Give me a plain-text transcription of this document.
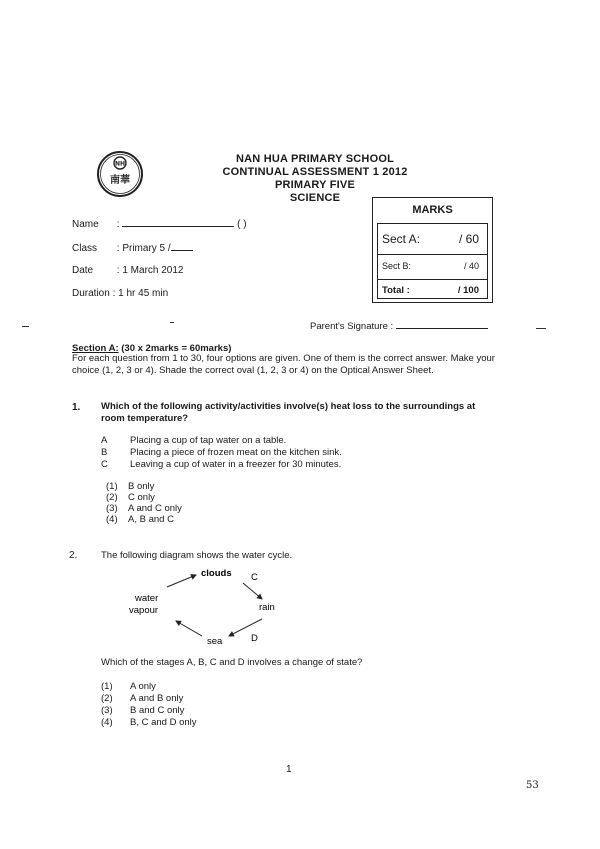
NH
南華
NAN HUA PRIMARY SCHOOL
CONTINUAL ASSESSMENT 1 2012
PRIMARY FIVE
SCIENCE
Name :	( )
Class : Primary 5 /
Date : 1 March 2012
Duration : 1 hr 45 min
MARKS
Sect A:	/ 60
Sect B:	/ 40
Total :	/ 100
Parent's Signature :
Section A: (30 x 2marks = 60marks)
For each question from 1 to 30, four options are given. One of them is the correct answer. Make your choice (1, 2, 3 or 4). Shade the correct oval (1, 2, 3 or 4) on the Optical Answer Sheet.
1. Which of the following activity/activities involve(s) heat loss to the surroundings at room temperature?
A Placing a cup of tap water on a table.
B Placing a piece of frozen meat on the kitchen sink.
C Leaving a cup of water in a freezer for 30 minutes.
(1) B only
(2) C only
(3) A and C only
(4) A, B and C
2. The following diagram shows the water cycle.
clouds C
rain
water
vapour
sea	D
Which of the stages A, B, C and D involves a change of state?
(1) A only
(2) A and B only
(3) B and C only
(4) B, C and D only
1
53
